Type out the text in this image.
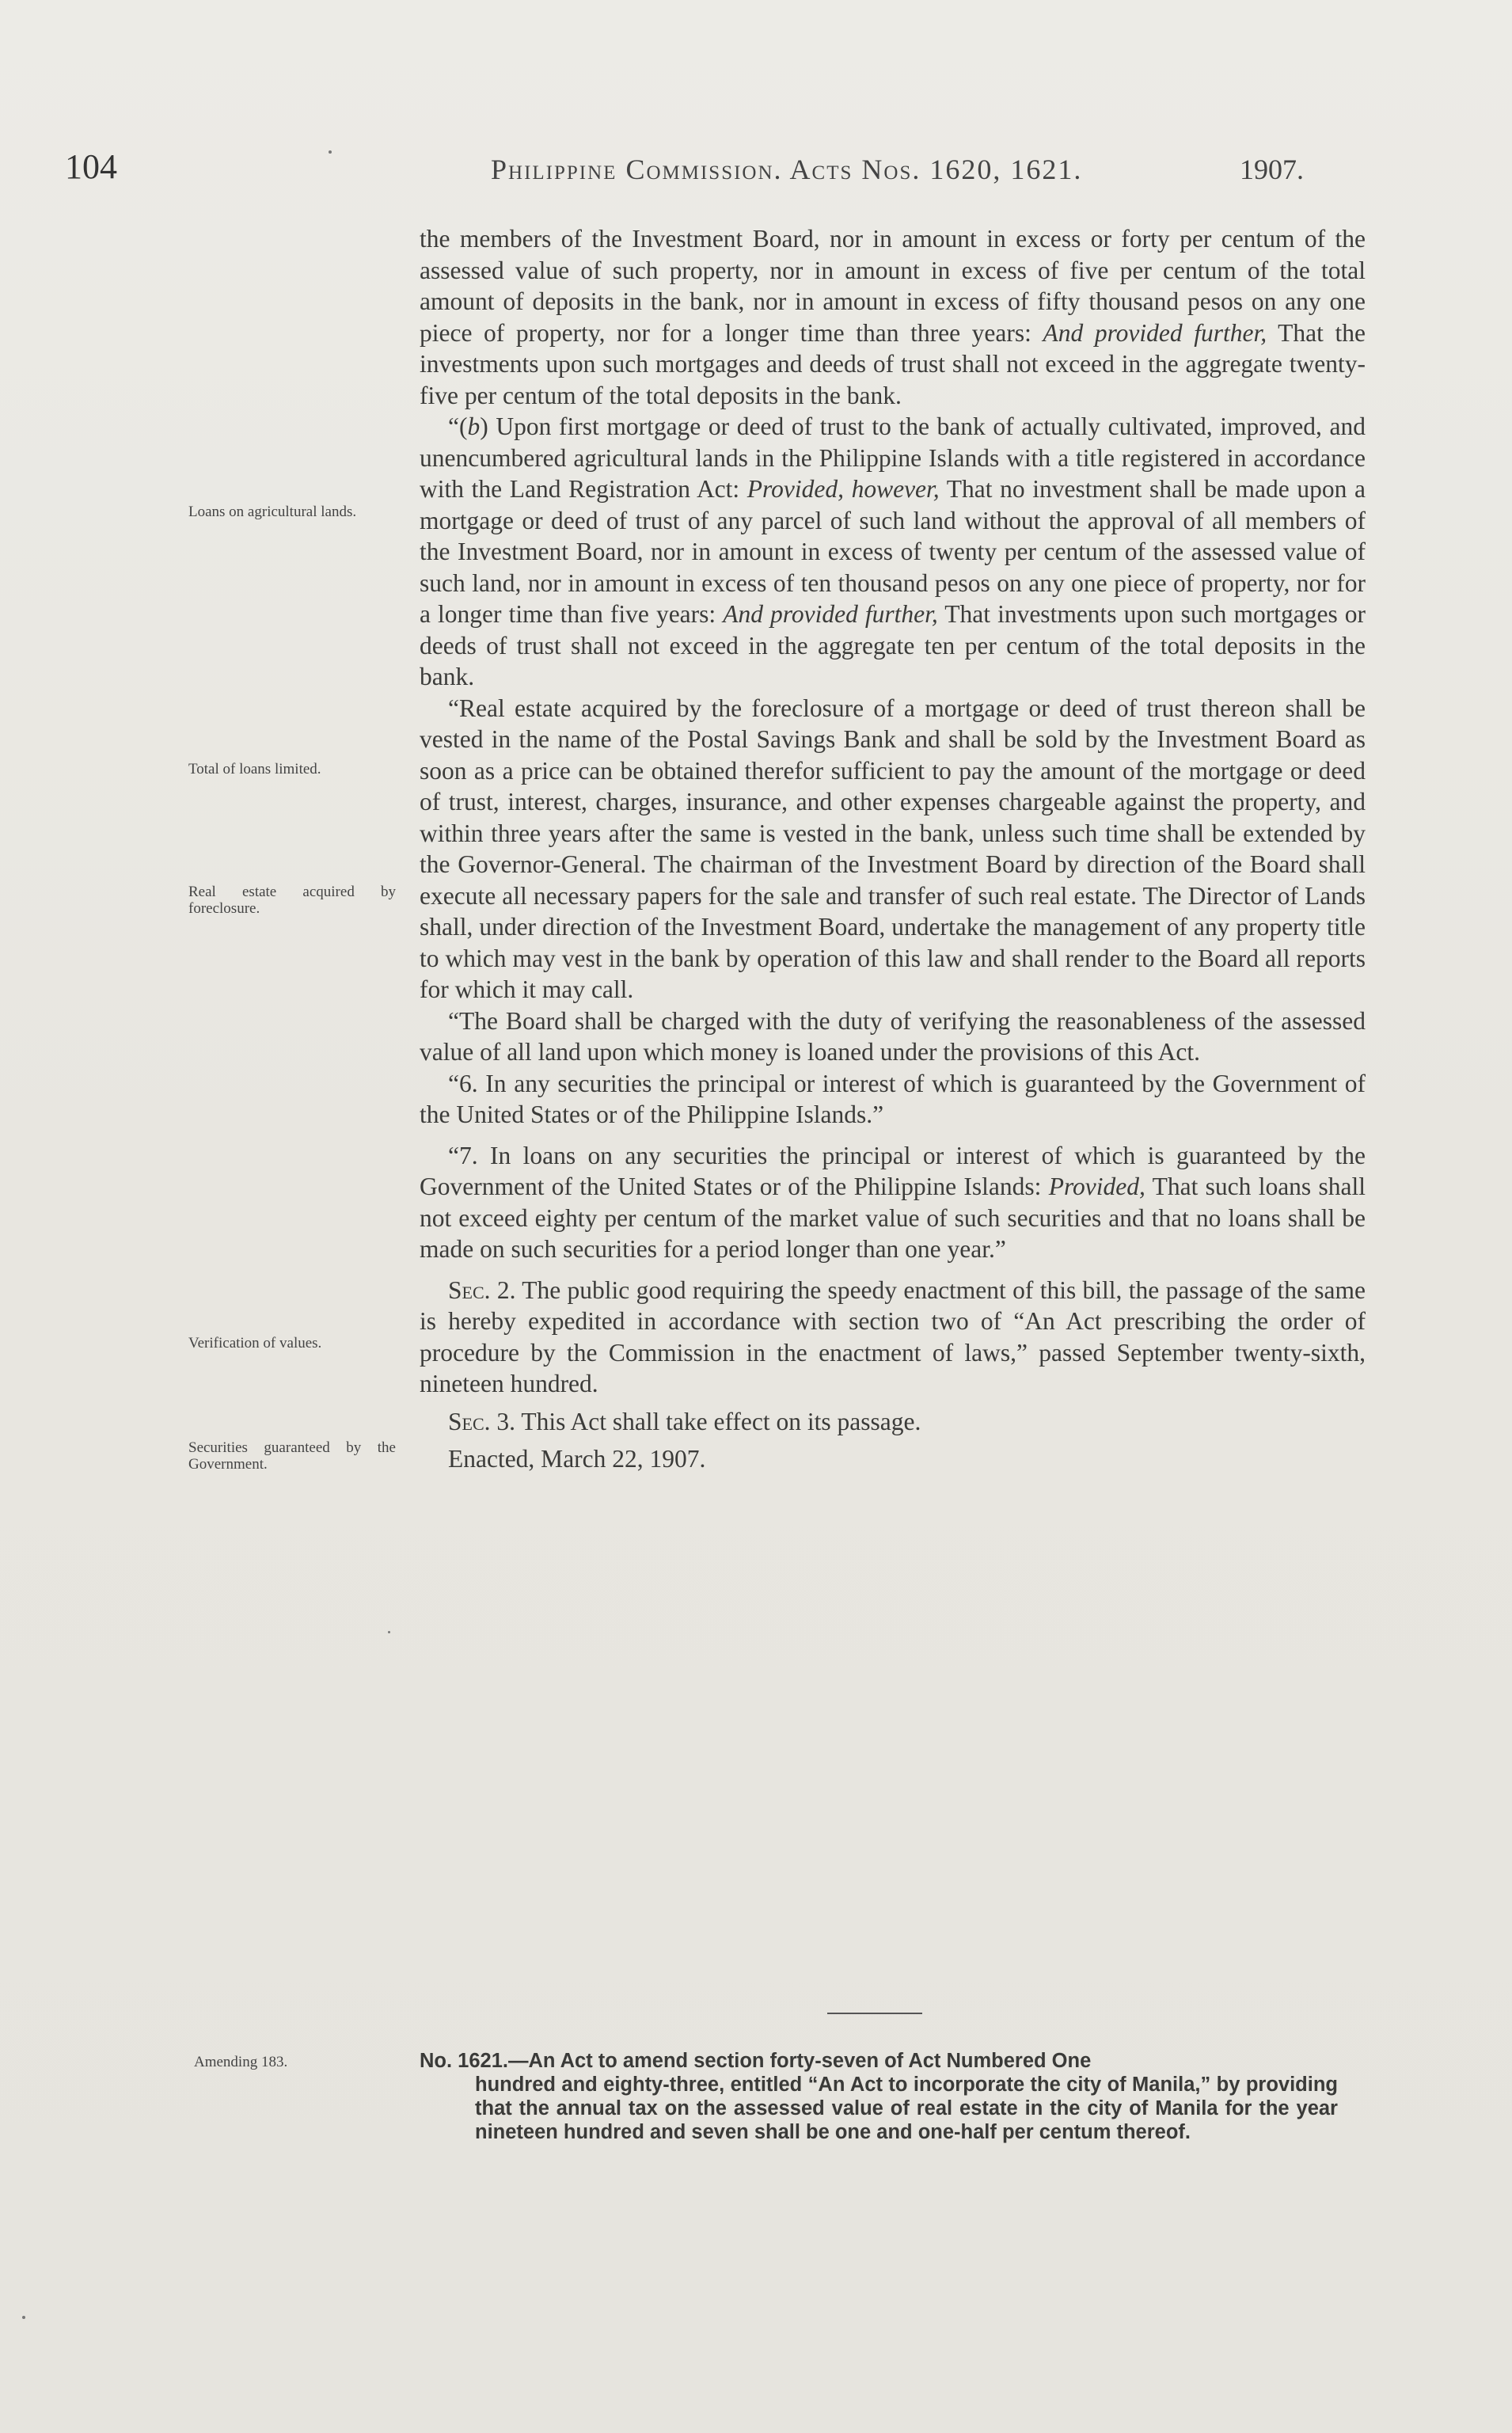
104	Philippine Commission. Acts Nos. 1620, 1621.	1907.
Loans on agricultural lands.
Total of loans limited.
Real estate acquired by foreclosure.
Verification of values.
Securities guaranteed by the Government.

the members of the Investment Board, nor in amount in excess or forty per centum of the assessed value of such property, nor in amount in excess of five per centum of the total amount of deposits in the bank, nor in amount in excess of fifty thousand pesos on any one piece of property, nor for a longer time than three years: And provided further, That the investments upon such mortgages and deeds of trust shall not exceed in the aggregate twenty-five per centum of the total deposits in the bank.

“(b) Upon first mortgage or deed of trust to the bank of actually cultivated, improved, and unencumbered agricultural lands in the Philippine Islands with a title registered in accordance with the Land Registration Act: Provided, however, That no investment shall be made upon a mortgage or deed of trust of any parcel of such land without the approval of all members of the Investment Board, nor in amount in excess of twenty per centum of the assessed value of such land, nor in amount in excess of ten thousand pesos on any one piece of property, nor for a longer time than five years: And provided further, That investments upon such mortgages or deeds of trust shall not exceed in the aggregate ten per centum of the total deposits in the bank.

“Real estate acquired by the foreclosure of a mortgage or deed of trust thereon shall be vested in the name of the Postal Savings Bank and shall be sold by the Investment Board as soon as a price can be obtained therefor sufficient to pay the amount of the mortgage or deed of trust, interest, charges, insurance, and other expenses chargeable against the property, and within three years after the same is vested in the bank, unless such time shall be extended by the Governor-General. The chairman of the Investment Board by direction of the Board shall execute all necessary papers for the sale and transfer of such real estate. The Director of Lands shall, under direction of the Investment Board, undertake the management of any property title to which may vest in the bank by operation of this law and shall render to the Board all reports for which it may call.

“The Board shall be charged with the duty of verifying the reasonableness of the assessed value of all land upon which money is loaned under the provisions of this Act.

“6. In any securities the principal or interest of which is guaranteed by the Government of the United States or of the Philippine Islands.”

“7. In loans on any securities the principal or interest of which is guaranteed by the Government of the United States or of the Philippine Islands: Provided, That such loans shall not exceed eighty per centum of the market value of such securities and that no loans shall be made on such securities for a period longer than one year.”

Sec. 2. The public good requiring the speedy enactment of this bill, the passage of the same is hereby expedited in accordance with section two of “An Act prescribing the order of procedure by the Commission in the enactment of laws,” passed September twenty-sixth, nineteen hundred.

Sec. 3. This Act shall take effect on its passage.

Enacted, March 22, 1907.

Amending 183.	No. 1621.—An Act to amend section forty-seven of Act Numbered One
hundred and eighty-three, entitled “An Act to incorporate the city of Manila,” by providing that the annual tax on the assessed value of real estate in the city of Manila for the year nineteen hundred and seven shall be one and one-half per centum thereof.
